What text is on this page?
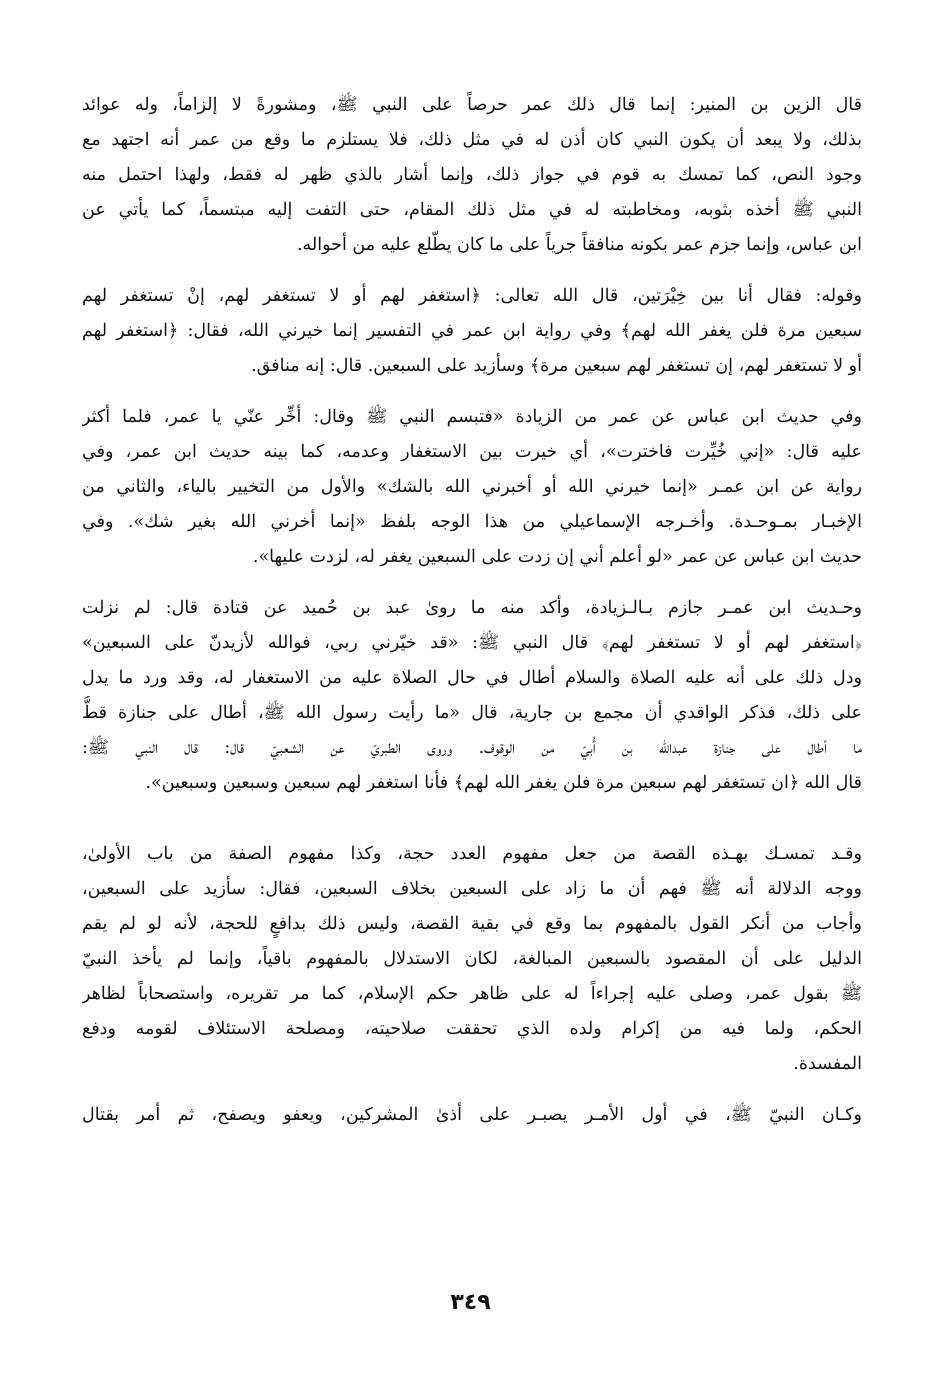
قال الزين بن المنير: إنما قال ذلك عمر حرصاً على النبي ﷺ، ومشورةً لا إلزاماً، وله عوائد
بذلك، ولا يبعد أن يكون النبي كان أذن له في مثل ذلك، فلا يستلزم ما وقع من عمر أنه اجتهد مع
وجود النص، كما تمسك به قوم في جواز ذلك، وإنما أشار بالذي ظهر له فقط، ولهذا احتمل منه
النبي ﷺ أخذه بثوبه، ومخاطبته له في مثل ذلك المقام، حتى التفت إليه مبتسماً، كما يأتي عن
ابن عباس، وإنما جزم عمر بكونه منافقاً جرياً على ما كان يطّلع عليه من أحواله.
وقوله: فقال أنا بين خِيْرَتين، قال الله تعالى: ﴿استغفر لهم أو لا تستغفر لهم، إنْ تستغفر لهم
سبعين مرة فلن يغفر الله لهم﴾ وفي رواية ابن عمر في التفسير إنما خيرني الله، فقال: ﴿استغفر لهم
أو لا تستغفر لهم، إن تستغفر لهم سبعين مرة﴾ وسأزيد على السبعين. قال: إنه منافق.
وفي حديث ابن عباس عن عمر من الزيادة «فتبسم النبي ﷺ وقال: أخِّر عنّي يا عمر، فلما أكثر
عليه قال: «إني خُيِّرت فاخترت»، أي خيرت بين الاستغفار وعدمه، كما بينه حديث ابن عمر، وفي
رواية عن ابن عمـر «إنما خيرني الله أو أخبرني الله بالشك» والأول من التخيير بالياء، والثاني من
الإخبـار بمـوحـدة. وأخـرجه الإسماعيلي من هذا الوجه بلفظ «إنما أخرني الله بغير شك». وفي
حديث ابن عباس عن عمر «لو أعلم أني إن زدت على السبعين يغفر له، لزدت عليها».
وحـديث ابن عمـر جازم بـالـزيادة، وأكد منه ما روىٰ عبد بن حُميد عن قتادة قال: لم نزلت
﴿استغفر لهم أو لا تستغفر لهم﴾ قال النبي ﷺ: «قد خيّرني ربي، فوالله لأزيدنّ على السبعين»
ودل ذلك على أنه عليه الصلاة والسلام أطال في حال الصلاة عليه من الاستغفار له، وقد ورد ما يدل
على ذلك، فذكر الواقدي أن مجمع بن جارية، قال «ما رأيت رسول الله ﷺ، أطال على جنازة قطُّ
ما أطال على جنازة عبدالله بن أُبيّ من الوقوف. وروى الطبريّ عن الشعبيّ قال: قال النبي ﷺ:
قال الله ﴿ان تستغفر لهم سبعين مرة فلن يغفر الله لهم﴾ فأنا استغفر لهم سبعين وسبعين وسبعين».
وقـد تمسـك بهـذه القصة من جعل مفهوم العدد حجة، وكذا مفهوم الصفة من باب الأولىٰ،
ووجه الدلالة أنه ﷺ فهم أن ما زاد على السبعين بخلاف السبعين، فقال: سأزيد على السبعين،
وأجاب من أنكر القول بالمفهوم بما وقع في بقية القصة، وليس ذلك بدافعٍ للحجة، لأنه لو لم يقم
الدليل على أن المقصود بالسبعين المبالغة، لكان الاستدلال بالمفهوم باقياً، وإنما لم يأخذ النبيّ
ﷺ بقول عمر، وصلى عليه إجراءاً له على ظاهر حكم الإسلام، كما مر تقريره، واستصحاباً لظاهر
الحكم، ولما فيه من إكرام ولده الذي تحققت صلاحيته، ومصلحة الاستئلاف لقومه ودفع
المفسدة.
وكـان النبيّ ﷺ، في أول الأمـر يصبـر على أذىٰ المشركين، ويعفو ويصفح، ثم أمر بقتال
٣٤٩
